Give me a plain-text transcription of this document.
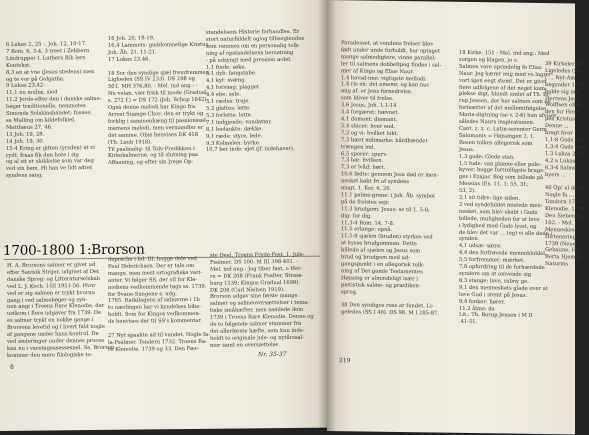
6 Lukas 2, 25 -. Joh. 12, 10-17.
7 Rom. 6, 3-4, 3 treet i Zebbern
Lindrupper I. Luthers Bib lers
Kontekst.
8,3 en at vne (Jesus stedens) men
og te vor på Golgatha.
9 Lukas 23,42-
11,1 nu mulns, siod
11,2 Jorde-efter den i danske salme-
bøger traditionelle, nemmetes
Simonds Solskinsbandet; fusses;
se Malling om kildefolkiel.
Matthæus 27, 46.
13 Joh. 19, 28.
14 Joh. 19, 30.
15-4 Ering er gitten (yrsden) at vi
rydt, fraas fik den hote i sig
og al sit er skikkelse som var deg
ved sin bem. Hi han ve lidt adret
syndens sang.
16 Joh. 20, 18-19.
16,4 Lammets: guddommelige Kristus,
Joh. Åb. 21, 11-21.
17 Lukas 23,46.

18 Sor den syndige sjæl fremfremmes.
Ligheden (SS IV 233). DS 298 og
501. MH 376,80. - Mel. ind ang.: -
Nu velan, vær frisk til mode (Gradual
s. 272 f.) = DS 172 (Joh. Schop 1642).
Ogsà denne melodi har Kingo fra
Arrest Suange-Chor; den er trykt og
forklig i sammenhæng til passionssal-
memens melodi, men vermandler er
det samme. Obie henvises DK 418
(Th. Laub 1918).
Til psalmelig- til Tolv-Predikken i
Kirkekalmerne, og til slutning paa
Affaaning, og efter sin Jrege Op-
standelsens Historie forhandles. Er
stort naturfaldelt og/og tilbsegiendes
som rammes om en personalig tolk-
ning af opstandelsens bersøtning
- på udsyngt med pression ædel.
1,1 finde: søke.
3,1 dyb: fangstabe.
4,1 kyt: svæng.
4,1 forsnag: plagget.
4,4 ebe: sele.
5,1 rædes: truje.
5,2 glattes: lette.
5,3 forlette: lette.
7,1 indgjende: vandatter.
8,1 bedankte: dække.
9,1 ræde: styre, lede.
9,3 Kolmelen: byrke.
10,7 ber inde: ejet (jf. indehaver).
1700-1800 1:Brorson
H. A. Brorsons salmer er givet ud
efter Sanisik Strijer, udgivet af Det
danske Sprog- og Litteraturselskab
ved L. J. Koch, I-III 1951-56. Hvor
ved er sig salmen er trykt hvornu
gang i ved salmebøger og syn-
nen angi i Troens Rare Klenodie, der
ustkom i flere udgaver fra 1739. De
es salmer trykt en nokke gange i
Brorsons levetid og i hvert fald nogle
af gangene under hans kontrol. De
ved anderinger under dennes proces
kan nu i varetagessessesnel. Ss. Brorson
kommer den mere filologiske to-
depreche i bd. III, hogge dele ved
Paul Diderichsen. Der er tale om
mange, men mest ortografiske vari-
anter. Vi følger SS, der vil for Kle-
nodiens vedkommende tøgs ss. 1739,
for Svane-Sangene s. udg.
1765. Ratkilagens af salmerne i 1b
to nærlingen har vi kyndelses bibe-
holdt. Som for Kingos vedkommen-
de henvises der til SS's kommentar.

27 Nyt spaakte ad til vandet. Nogle fa-
la-Psalmer. Tondern 1732. Troens Ra-
re Klenodie. 1739 og 33. Den Fær-
ste Deel. Troens Fryde-Fest, 1. Jule-
Psalmer. DS 100. M III 398-401. -
Mel. ind ang.: Jog tiber fast, o Her-
re = DK 208 (Frank Psalter, Strass-
burg 1539; Kingos Gradual 1699).
DK 208 (Carl Nielsen 1919).
Brorson udgav sine første mange
salmer og salmeoversættelser i tema-
tiske småhæfter, men samlede dem
1739 i Troens Rare Klenodie. Denne og
de to følgende salmer stammer fra
det allerførste hæfte, som kun inde-
holdt to originale jule- og nytårssal-
mer samt en oversættelse.
8
Nr. 35-37
Paradesset, at vendens frelser blev
født under unde forholdt, har optaget
mange salmedigtere, vinne parallel-
ler til salmens dobbeltpog findes i sal-
mer af Kingo og Elias Naur.
1,4 hovsd-ime: vigtigste mellodi.
1,4 ris en: det ememr, og kan nuc
mig af, er Jens fornedrelse,
som bliver til frelse.
3,6 Jesus, Joh. 1,1-14
3,4 forgæret: hævnet.
4,1 domont: diamant.
5,4 sbicer: hver end.
7,2 og vi: hvilket lukt.
7,3 bært milimarke: hårdhændet
trængen ind.
6,5 sporer: spurv.
7,3 bæ: hvilken.
7,3 er lvåd: hørt.
10,6 fødte: gennem Jesu død er men-
nesket købt fri af syndens
magt, 1. Kor. 6, 20.
11,1 palme-grene: i Joh. Åb. symbol
på de frelstes sejr.
11,3 brudgom: Jesus; se til 1, 5-8;
dig: for dig.
11,3-4 Rom. 14, 7-8.
11,5 erlange: opnå.
11,5-8 sjælen (bruden) styrkes ved
at kysse brudgommen. Dette
billede af sjælen og Jesus som
brud og brudgom med ud-
gangspunkt i en allegorisk tolk-
ning af Det gamle Testamentes
Højsang er almindeligt især i
pietistisk salme- og prædiken-
sprog.

38 Den syndiges rose ar fundet. Li-
geledes (SS I 40). DS 98. M I 285-87.
18 Kirke. 151 - Mel. ind ang.: Med
sorgen og klagen, jo s.
Salmen vare oprindelig fo Elias
Naur. Jeg kærer mig mod vo lagrer-
vort igen eegt stemt. Det er givet
fiere udfolgene af det neget kom-
plekse digt, blandt andet af Th. Br-
rup Jensen, der her salmen som en
fortsætter af det mellemtfølgelse
Maria-digtning (se v. 2-6) hun afviser
således Naurs inspirationen.
Cant. z. z. c. Latin-serenter Germ
Salomonis = Højsangen 2, 1.
Rosen tolkes allegorisk som
Jesus.
1,3 gode: Glede stan.
1,5 fude: van planne eller pole-
kyver; bogge fortrolligste brugs-
ges i Ezajas' Bog som billede på
Messias (Es. 11, 1; 55, 3f.;
53, 2).
2,1 sit tidre: lige siden.
2 ved syndefaldet mistede men-
nesket, som blev skabt i Guds
billede, muligheden for at leve
i lydighed mod Guds lysst, og
de blev det var ... (og) vi alle dede i
synden.
4,1 udsæ: sørre.
4,4 den forfrøvede mennebloldel.
5,5 forfremmer: mærket.
7,8 opfordring til de forhærdede
syndere om at omvende sig
8,3 stange: love, rabny ge.
9,1 den menneskets glade over at
love Gud i stemt på Jesus.
9,4 fonker: hører.
11,2 ålme: da
Lit.: Th. Borup Jensen i M II
.41-51.
39 Kirkelerret ...
Ligeledes (SS
( ... Nyt-Am
begynder 1734
holde sig ind
Herrens Jesu
Wolffsen eller
den for Herr
pea Kristus
Denne ...
bragt hvor
1,1-8 Guds regi
1,3-4 Guds opst
1,3 Lukas 2,4
4,2 a Lukas ...
6,3-4 Salme ...
byers ...

40 Op! al den ti
Nogle fa ...
Tondern 1733
Klenodie. 1739
Den Siebende
102. - Mel.
Menneskesa
Hirtenaring
1739 (Neue
Gebaune, Ha
Berta Hjemsa
Naturms
219
